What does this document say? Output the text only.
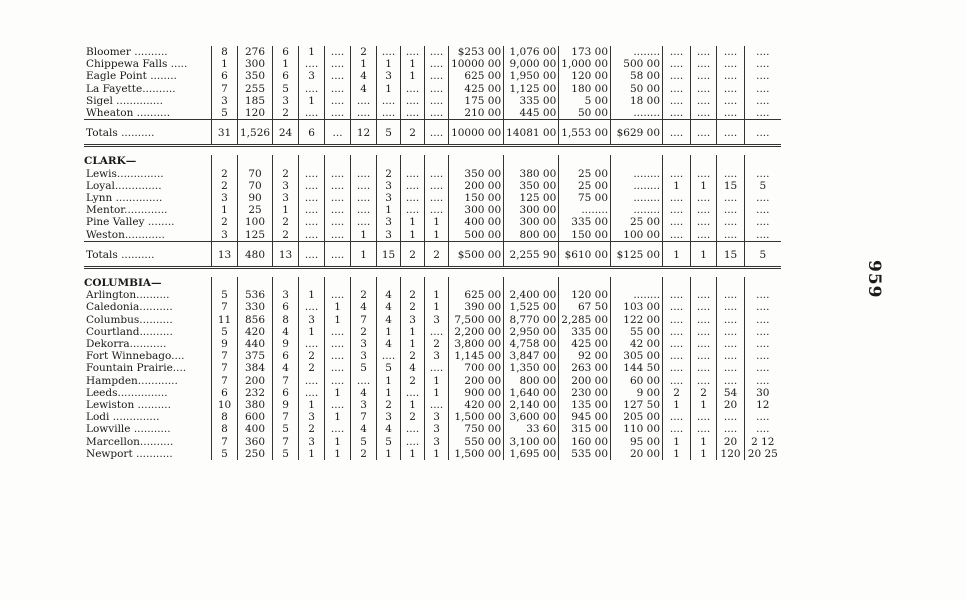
Bloomer ..........	8	276	6	1	....	2	....	....	....	$253 00	1,076 00	173 00	........	....	....	....	....
Chippewa Falls .....	1	300	1	....	....	1	1	1	....	10000 00	9,000 00	1,000 00	500 00	....	....	....	....
Eagle Point ........	6	350	6	3	....	4	3	1	....	625 00	1,950 00	120 00	58 00	....	....	....	....
La Fayette..........	7	255	5	....	....	4	1	....	....	425 00	1,125 00	180 00	50 00	....	....	....	....
Sigel ..............	3	185	3	1	....	....	....	....	....	175 00	335 00	5 00	18 00	....	....	....	....
Wheaton ..........	5	120	2	....	....	....	....	....	....	210 00	445 00	50 00	........	....	....	....	....
Totals ..........	31	1,526	24	6	...	12	5	2	....	10000 00	14081 00	1,553 00	$629 00	....	....	....	....

CLARK—																	
Lewis..............	2	70	2	....	....	....	2	....	....	350 00	380 00	25 00	........	....	....	....	....
Loyal..............	2	70	3	....	....	....	3	....	....	200 00	350 00	25 00	........	1	1	15	5
Lynn ..............	3	90	3	....	....	....	3	....	....	150 00	125 00	75 00	........	....	....	....	....
Mentor.............	1	25	1	....	....	....	1	....	....	300 00	300 00	........	........	....	....	....	....
Pine Valley ........	2	100	2	....	....	....	3	1	1	400 00	300 00	335 00	25 00	....	....	....	....
Weston............	3	125	2	....	....	1	3	1	1	500 00	800 00	150 00	100 00	....	....	....	....
Totals ..........	13	480	13	....	....	1	15	2	2	$500 00	2,255 90	$610 00	$125 00	1	1	15	5

COLUMBIA—																	
Arlington..........	5	536	3	1	....	2	4	2	1	625 00	2,400 00	120 00	........	....	....	....	....
Caledonia..........	7	330	6	....	1	4	4	2	1	390 00	1,525 00	67 50	103 00	....	....	....	....
Columbus..........	11	856	8	3	1	7	4	3	3	7,500 00	8,770 00	2,285 00	122 00	....	....	....	....
Courtland..........	5	420	4	1	....	2	1	1	....	2,200 00	2,950 00	335 00	55 00	....	....	....	....
Dekorra...........	9	440	9	....	....	3	4	1	2	3,800 00	4,758 00	425 00	42 00	....	....	....	....
Fort Winnebago....	7	375	6	2	....	3	....	2	3	1,145 00	3,847 00	92 00	305 00	....	....	....	....
Fountain Prairie....	7	384	4	2	....	5	5	4	....	700 00	1,350 00	263 00	144 50	....	....	....	....
Hampden............	7	200	7	....	....	....	1	2	1	200 00	800 00	200 00	60 00	....	....	....	....
Leeds...............	6	232	6	....	1	4	1	....	1	900 00	1,640 00	230 00	9 00	2	2	54	30
Lewiston ..........	10	380	9	1	....	3	2	1	....	420 00	2,140 00	135 00	127 50	1	1	20	12
Lodi ..............	8	600	7	3	1	7	3	2	3	1,500 00	3,600 00	945 00	205 00	....	....	....	....
Lowville ...........	8	400	5	2	....	4	4	....	3	750 00	33 60	315 00	110 00	....	....	....	....
Marcellon..........	7	360	7	3	1	5	5	....	3	550 00	3,100 00	160 00	95 00	1	1	20	2 12
Newport ...........	5	250	5	1	1	2	1	1	1	1,500 00	1,695 00	535 00	20 00	1	1	120	20 25
959
